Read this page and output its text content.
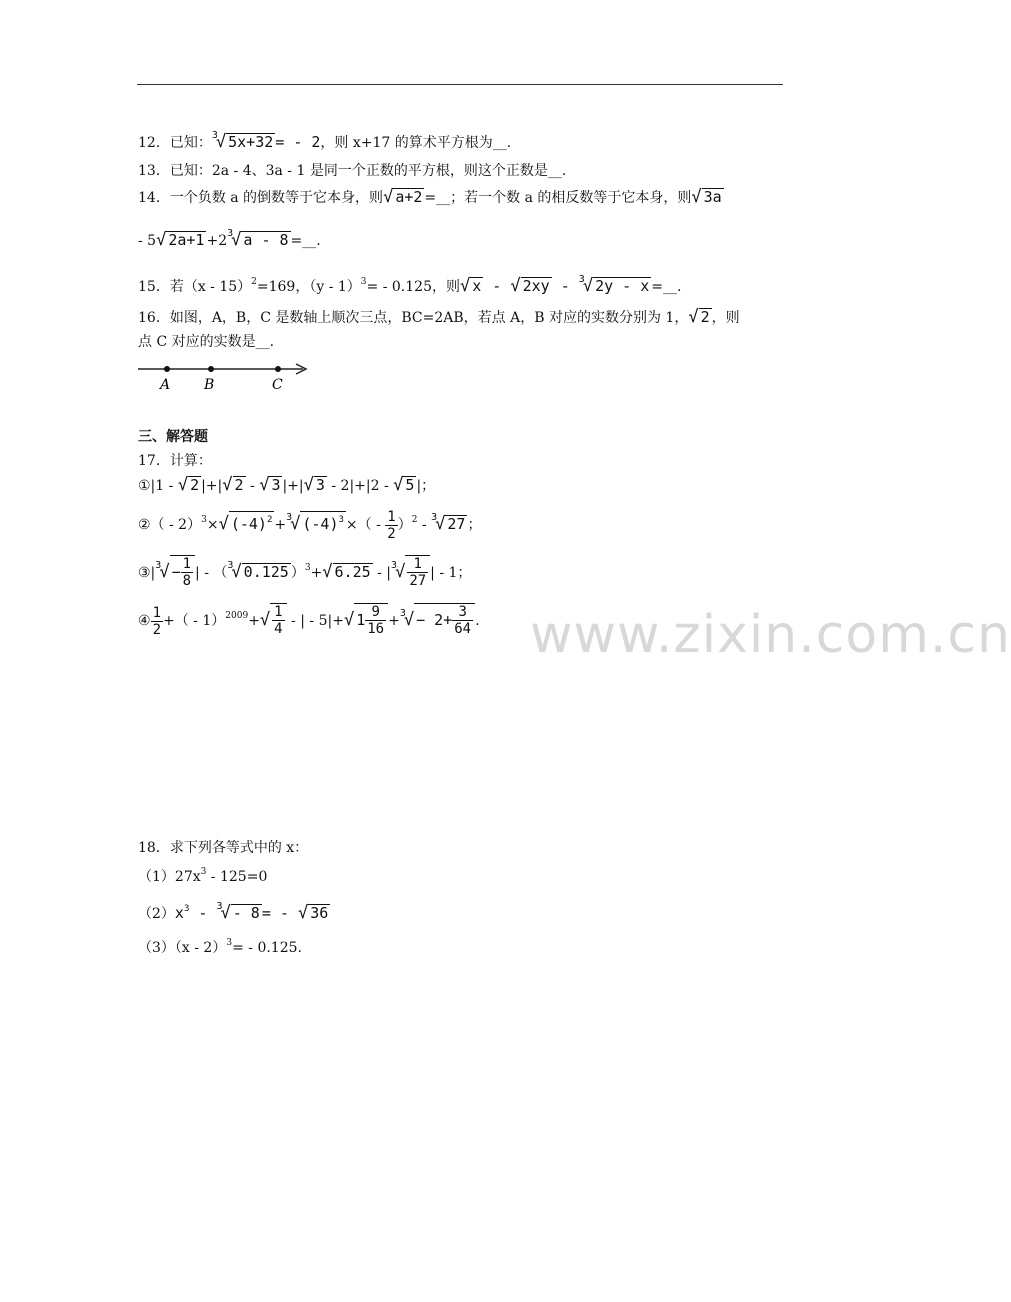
12．已知：$^3$√ 5x+32 = - 2，则 x+17 的算术平方根为__.
13．已知：2a - 4、3a - 1 是同一个正数的平方根，则这个正数是__.
14．一个负数 a 的倒数等于它本身，则√ a+2 =__；若一个数 a 的相反数等于它本身，则√ 3a
- 5√ $2a+1 +2^3√$ a - 8 =__.
15．若（x - 15）$^2$=169，（y - 1）$^3$= - 0.125，则√ x - √ 2xy - $^3$√ 2y - x =__.
16．如图，A，B，C 是数轴上顺次三点，BC=2AB，若点 A，B 对应的实数分别为 1，√ 2 ，则
点 C 对应的实数是__.
A B	C
三、解答题
17．计算：
①|1 - √ 2 |+|√ 2 - √ 3 |+|√ 3 - 2|+|2 - √ 5 |；
②（ - 2）$^3$×√ $(-4)^2 +^3√$ $(-4)^3$ ×（ - $\frac{1}{2} )^2 - ^3√$ 27 ；
$③|^3√ - \frac{1}{8}$ | - （$^3$√ 0.125 ）$^3$+√ $6.25 - |^3√ \frac{1}{27}$ | - 1；
④ $\frac{1}{2}$ +（ - $1)^{2009}+√ \frac{1}{4}$ - | - 5|+√ $1 \frac{9}{16} +^3√ - 2+ \frac{3}{64}$ . www.zixin.com.cn
18．求下列各等式中的 x：
$(1)27x^3 - 125=0$
$(2)x^3 - ^3√ - 8$ = - √ 36
（3）（x - 2）$^3$= - 0.125.
